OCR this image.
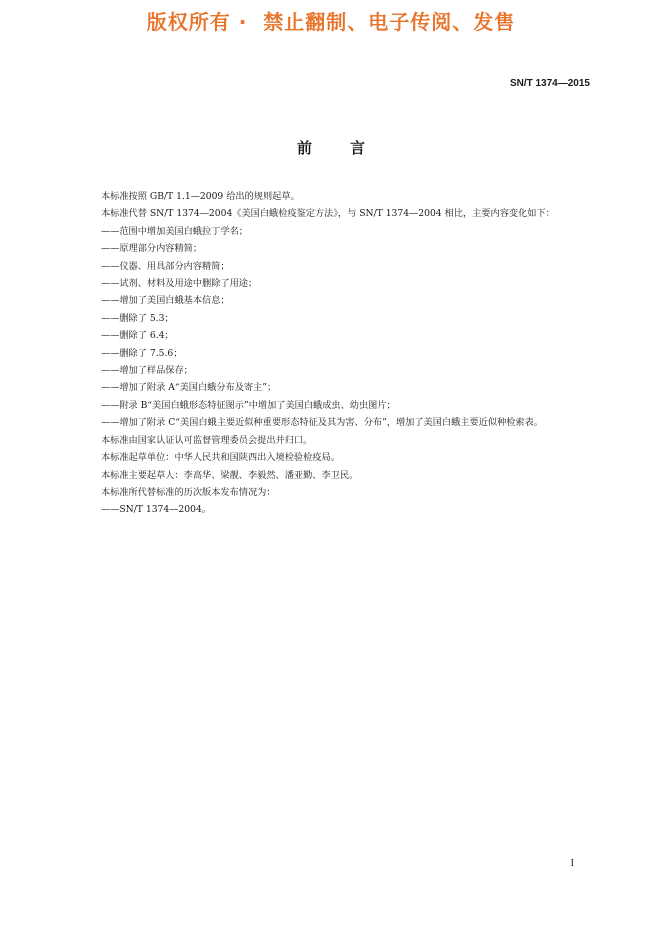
版权所有 ·  禁止翻制、电子传阅、发售
SN/T 1374—2015
前言

本标准按照 GB/T 1.1—2009 给出的规则起草。

本标准代替 SN/T 1374—2004《美国白蛾检疫鉴定方法》，与 SN/T 1374—2004 相比，主要内容变化如下：

——范围中增加美国白蛾拉丁学名；

——原理部分内容精简；

——仪器、用具部分内容精简；

——试剂、材料及用途中删除了用途；

——增加了美国白蛾基本信息；

——删除了 5.3；

——删除了 6.4；

——删除了 7.5.6；

——增加了样品保存；

——增加了附录 A“美国白蛾分布及寄主”；

——附录 B“美国白蛾形态特征图示”中增加了美国白蛾成虫、幼虫图片；

——增加了附录 C“美国白蛾主要近似种重要形态特征及其为害、分布”，增加了美国白蛾主要近似种检索表。

本标准由国家认证认可监督管理委员会提出并归口。

本标准起草单位：中华人民共和国陕西出入境检验检疫局。

本标准主要起草人：李高华、梁靓、李毅然、潘亚勤、李卫民。

本标准所代替标准的历次版本发布情况为：

——SN/T 1374—2004。

I
